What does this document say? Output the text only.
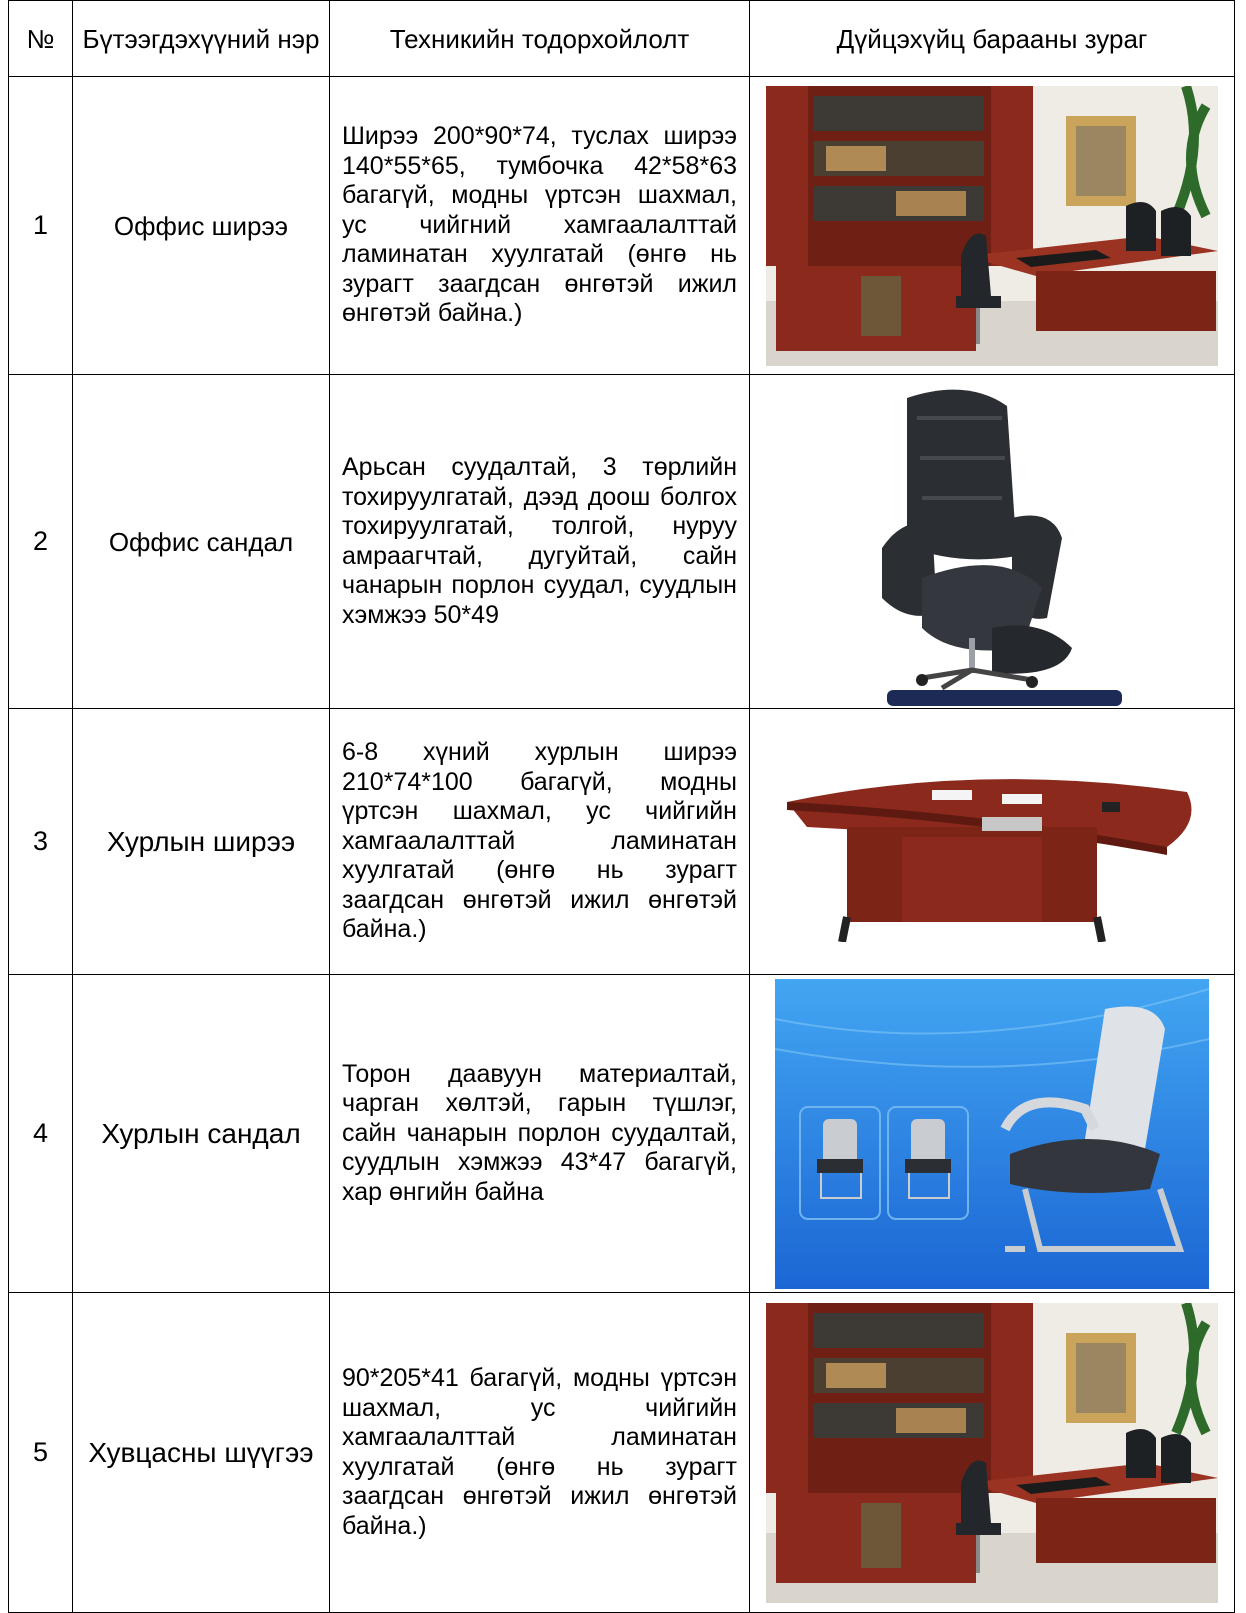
№	Бүтээгдэхүүний нэр	Техникийн тодорхойлолт	Дүйцэхүйц барааны зураг
1	Оффис ширээ	Ширээ 200*90*74, туслах ширээ 140*55*65, тумбочка 42*58*63 багагүй, модны үртсэн шахмал, ус чийгний хамгаалалттай ламинатан хуулгатай (өнгө нь зурагт заагдсан өнгөтэй ижил өнгөтэй байна.)	

2	Оффис сандал	Арьсан суудалтай, 3 төрлийн тохируулгатай, дээд доош болгох тохируулгатай, толгой, нуруу амраагчтай, дугуйтай, сайн чанарын порлон суудал, суудлын хэмжээ 50*49	

3	Хурлын ширээ	6-8 хүний хурлын ширээ 210*74*100 багагүй, модны үртсэн шахмал, ус чийгийн хамгаалалттай ламинатан хуулгатай (өнгө нь зурагт заагдсан өнгөтэй ижил өнгөтэй байна.)	

4	Хурлын сандал	Торон даавуун материалтай, чарган хөлтэй, гарын түшлэг, сайн чанарын порлон суудалтай, суудлын хэмжээ 43*47 багагүй, хар өнгийн байна	

5	Хувцасны шүүгээ	90*205*41 багагүй, модны үртсэн шахмал, ус чийгийн хамгаалалттай ламинатан хуулгатай (өнгө нь зурагт заагдсан өнгөтэй ижил өнгөтэй байна.)	
